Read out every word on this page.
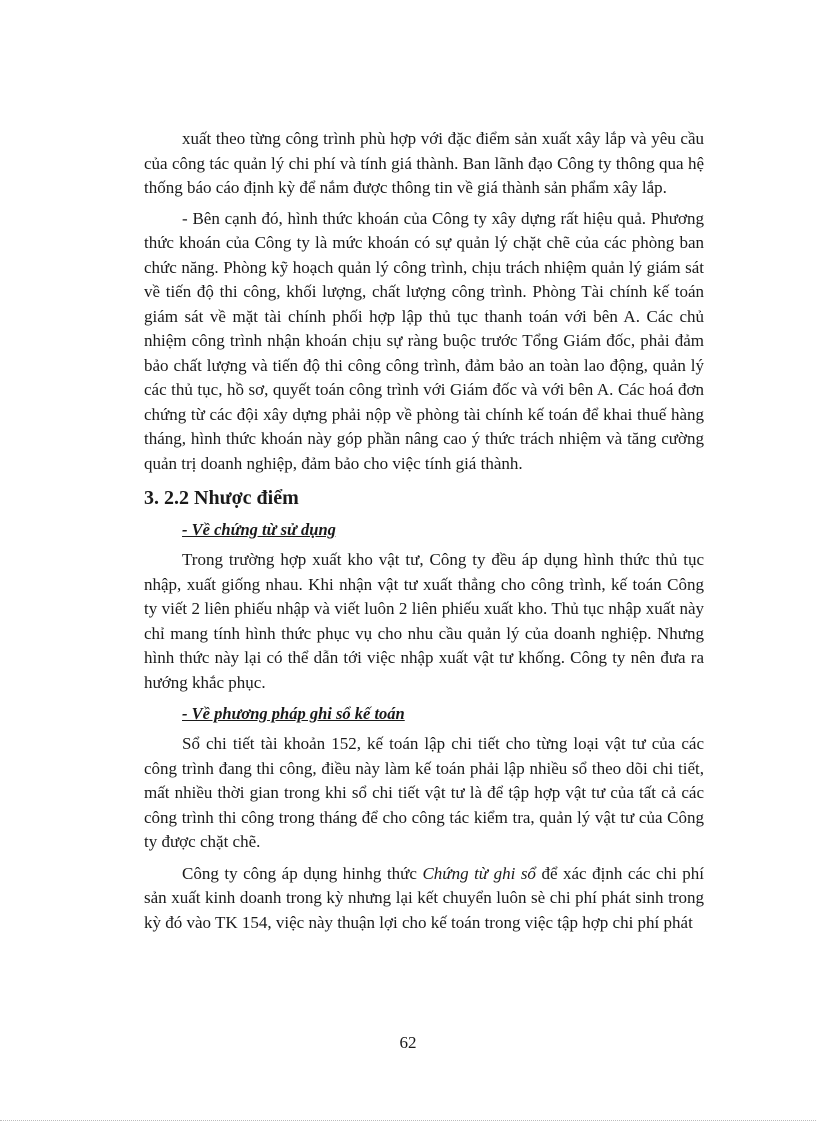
xuất theo từng công trình phù hợp với đặc điểm sản xuất xây lắp và yêu cầu của công tác quản lý chi phí và tính giá thành. Ban lãnh đạo Công ty thông qua hệ thống báo cáo định kỳ để nắm được thông tin về giá thành sản phẩm xây lắp.

- Bên cạnh đó, hình thức khoán của Công ty xây dựng rất hiệu quả. Phương thức khoán của Công ty là mức khoán có sự quản lý chặt chẽ của các phòng ban chức năng. Phòng kỹ hoạch quản lý công trình, chịu trách nhiệm quản lý giám sát về tiến độ thi công, khối lượng, chất lượng công trình. Phòng Tài chính kế toán giám sát về mặt tài chính phối hợp lập thủ tục thanh toán với bên A. Các chủ nhiệm công trình nhận khoán chịu sự ràng buộc trước Tổng Giám đốc, phải đảm bảo chất lượng và tiến độ thi công công trình, đảm bảo an toàn lao động, quản lý các thủ tục, hồ sơ, quyết toán công trình với Giám đốc và với bên A. Các hoá đơn chứng từ các đội xây dựng phải nộp về phòng tài chính kế toán để khai thuế hàng tháng, hình thức khoán này góp phần nâng cao ý thức trách nhiệm và tăng cường quản trị doanh nghiệp, đảm bảo cho việc tính giá thành.

3. 2.2 Nhược điểm
- Về chứng từ sử dụng

Trong trường hợp xuất kho vật tư, Công ty đều áp dụng hình thức thủ tục nhập, xuất giống nhau. Khi nhận vật tư xuất thẳng cho công trình, kế toán Công ty viết 2 liên phiếu nhập và viết luôn 2 liên phiếu xuất kho. Thủ tục nhập xuất này chỉ mang tính hình thức phục vụ cho nhu cầu quản lý của doanh nghiệp. Nhưng hình thức này lại có thể dẫn tới việc nhập xuất vật tư khống. Công ty nên đưa ra hướng khắc phục.

- Về phương pháp ghi sổ kế toán

Sổ chi tiết tài khoản 152, kế toán lập chi tiết cho từng loại vật tư của các công trình đang thi công, điều này làm kế toán phải lập nhiều sổ theo dõi chi tiết, mất nhiều thời gian trong khi sổ chi tiết vật tư là để tập hợp vật tư của tất cả các công trình thi công trong tháng để cho công tác kiểm tra, quản lý vật tư của Công ty được chặt chẽ.

Công ty công áp dụng hinhg thức Chứng từ ghi sổ để xác định các chi phí sản xuất kinh doanh trong kỳ nhưng lại kết chuyển luôn sè chi phí phát sinh trong kỳ đó vào TK 154, việc này thuận lợi cho kế toán trong việc tập hợp chi phí phát

62
